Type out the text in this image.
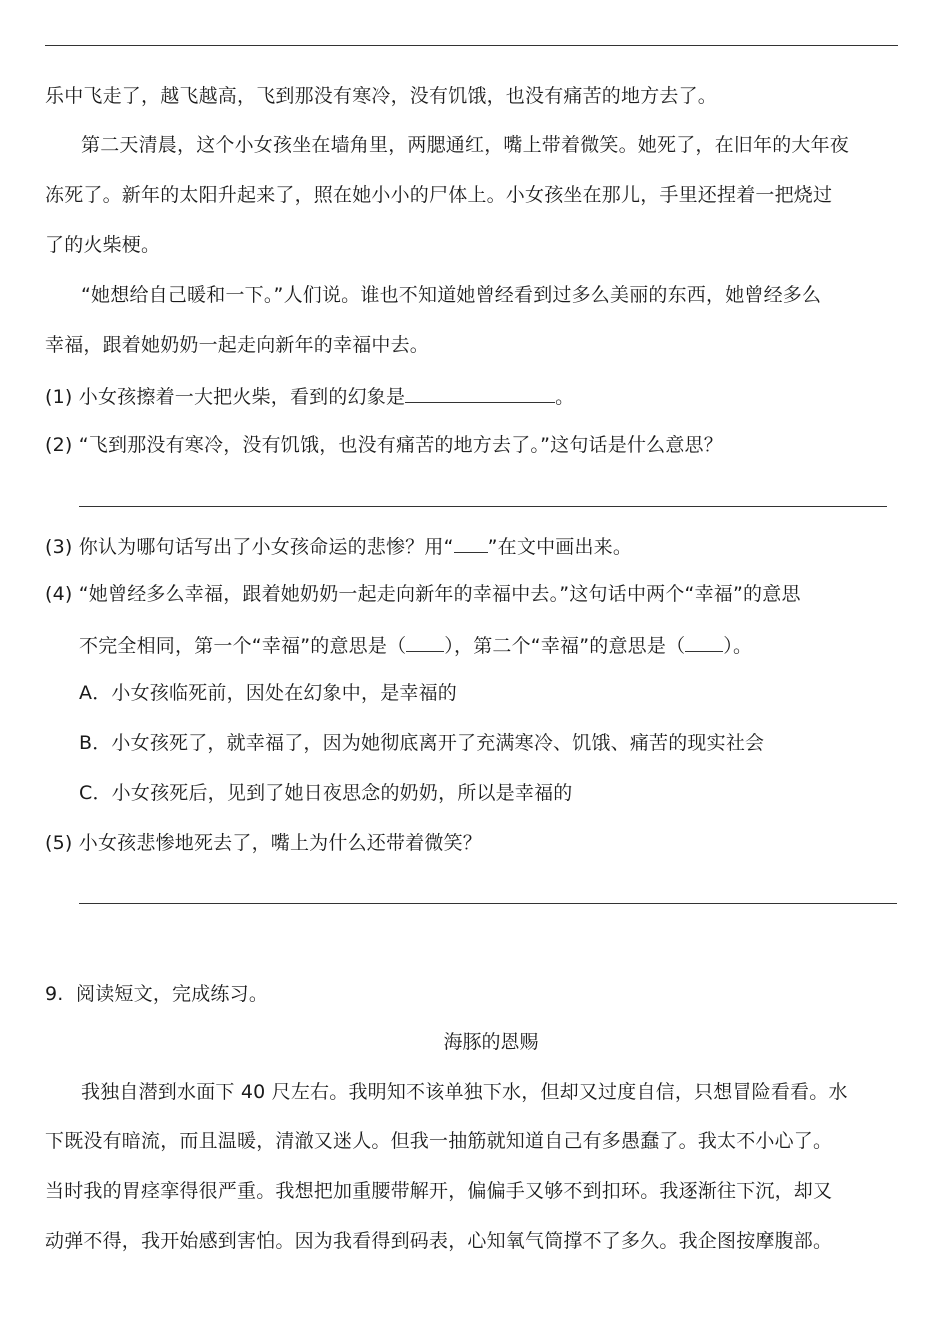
乐中飞走了，越飞越高，飞到那没有寒冷，没有饥饿，也没有痛苦的地方去了。
第二天清晨，这个小女孩坐在墙角里，两腮通红，嘴上带着微笑。她死了，在旧年的大年夜
冻死了。新年的太阳升起来了，照在她小小的尸体上。小女孩坐在那儿，手里还捏着一把烧过
了的火柴梗。
“她想给自己暖和一下。”人们说。谁也不知道她曾经看到过多么美丽的东西，她曾经多么
幸福，跟着她奶奶一起走向新年的幸福中去。
(1) 小女孩擦着一大把火柴，看到的幻象是	。
(2) “飞到那没有寒冷，没有饥饿，也没有痛苦的地方去了。”这句话是什么意思？
(3) 你认为哪句话写出了小女孩命运的悲惨？用“ ”在文中画出来。
(4) “她曾经多么幸福，跟着她奶奶一起走向新年的幸福中去。”这句话中两个“幸福”的意思
不完全相同，第一个“幸福”的意思是（ ），第二个“幸福”的意思是（ ）。
A．小女孩临死前，因处在幻象中，是幸福的
B．小女孩死了，就幸福了，因为她彻底离开了充满寒冷、饥饿、痛苦的现实社会
C．小女孩死后，见到了她日夜思念的奶奶，所以是幸福的
(5) 小女孩悲惨地死去了，嘴上为什么还带着微笑？
9. 阅读短文，完成练习。
海豚的恩赐
我独自潜到水面下 40 尺左右。我明知不该单独下水，但却又过度自信，只想冒险看看。水
下既没有暗流，而且温暖，清澈又迷人。但我一抽筋就知道自己有多愚蠢了。我太不小心了。
当时我的胃痉挛得很严重。我想把加重腰带解开，偏偏手又够不到扣环。我逐渐往下沉，却又
动弹不得，我开始感到害怕。因为我看得到码表，心知氧气筒撑不了多久。我企图按摩腹部。
